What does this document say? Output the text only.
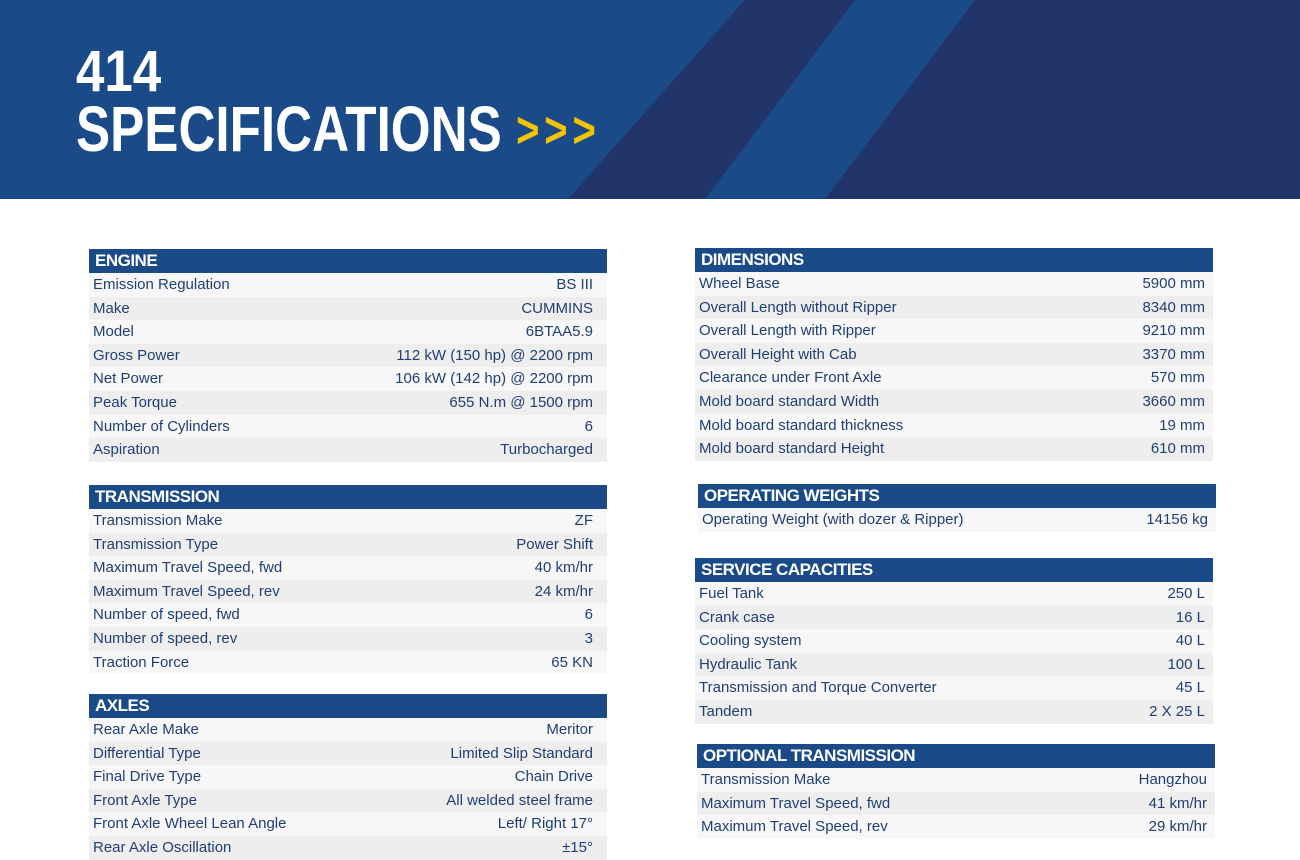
414
SPECIFICATIONS >>>
ENGINE
Emission Regulation	BS III
Make	CUMMINS
Model	6BTAA5.9
Gross Power	112 kW (150 hp) @ 2200 rpm
Net Power	106 kW (142 hp) @ 2200 rpm
Peak Torque	655 N.m @ 1500 rpm
Number of Cylinders	6
Aspiration	Turbocharged
TRANSMISSION
Transmission Make	ZF
Transmission Type	Power Shift
Maximum Travel Speed, fwd	40 km/hr
Maximum Travel Speed, rev	24 km/hr
Number of speed, fwd	6
Number of speed, rev	3
Traction Force	65 KN
AXLES
Rear Axle Make	Meritor
Differential Type	Limited Slip Standard
Final Drive Type	Chain Drive
Front Axle Type	All welded steel frame
Front Axle Wheel Lean Angle	Left/ Right 17°
Rear Axle Oscillation	±15°
DIMENSIONS
Wheel Base	5900 mm
Overall Length without Ripper	8340 mm
Overall Length with Ripper	9210 mm
Overall Height with Cab	3370 mm
Clearance under Front Axle	570 mm
Mold board standard Width	3660 mm
Mold board standard thickness	19 mm
Mold board standard Height	610 mm
OPERATING WEIGHTS
Operating Weight (with dozer & Ripper)	14156 kg
SERVICE CAPACITIES
Fuel Tank	250 L
Crank case	16 L
Cooling system	40 L
Hydraulic Tank	100 L
Transmission and Torque Converter	45 L
Tandem	2 X 25 L
OPTIONAL TRANSMISSION
Transmission Make	Hangzhou
Maximum Travel Speed, fwd	41 km/hr
Maximum Travel Speed, rev	29 km/hr
